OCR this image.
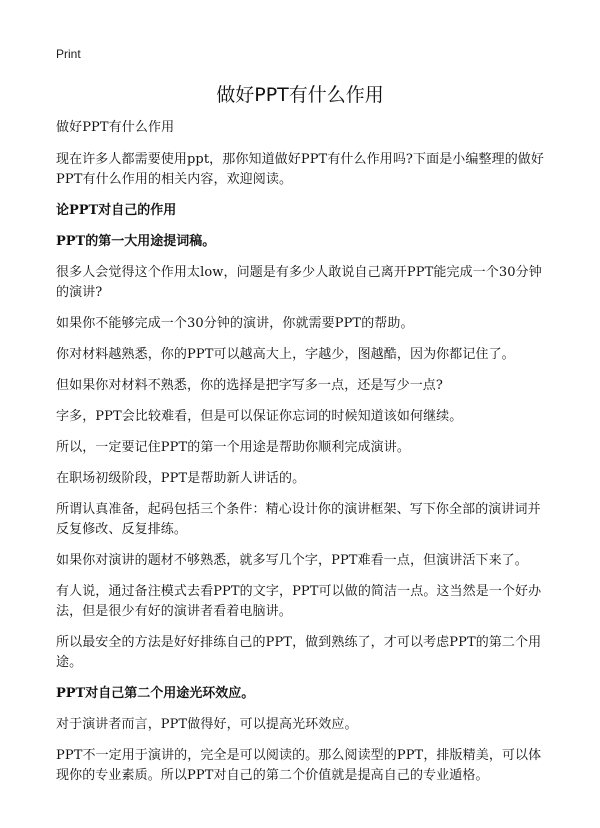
Print
做好PPT有什么作用

做好PPT有什么作用

现在许多人都需要使用ppt，那你知道做好PPT有什么作用吗?下面是小编整理的做好PPT有什么作用的相关内容，欢迎阅读。

论PPT对自己的作用

PPT的第一大用途提词稿。

很多人会觉得这个作用太low，问题是有多少人敢说自己离开PPT能完成一个30分钟的演讲?

如果你不能够完成一个30分钟的演讲，你就需要PPT的帮助。

你对材料越熟悉，你的PPT可以越高大上，字越少，图越酷，因为你都记住了。

但如果你对材料不熟悉，你的选择是把字写多一点，还是写少一点?

字多，PPT会比较难看，但是可以保证你忘词的时候知道该如何继续。

所以，一定要记住PPT的第一个用途是帮助你顺利完成演讲。

在职场初级阶段，PPT是帮助新人讲话的。

所谓认真准备，起码包括三个条件：精心设计你的演讲框架、写下你全部的演讲词并反复修改、反复排练。

如果你对演讲的题材不够熟悉，就多写几个字，PPT难看一点，但演讲活下来了。

有人说，通过备注模式去看PPT的文字，PPT可以做的简洁一点。这当然是一个好办法，但是很少有好的演讲者看着电脑讲。

所以最安全的方法是好好排练自己的PPT，做到熟练了，才可以考虑PPT的第二个用途。

PPT对自己第二个用途光环效应。

对于演讲者而言，PPT做得好，可以提高光环效应。

PPT不一定用于演讲的，完全是可以阅读的。那么阅读型的PPT，排版精美，可以体现你的专业素质。所以PPT对自己的第二个价值就是提高自己的专业遁格。
